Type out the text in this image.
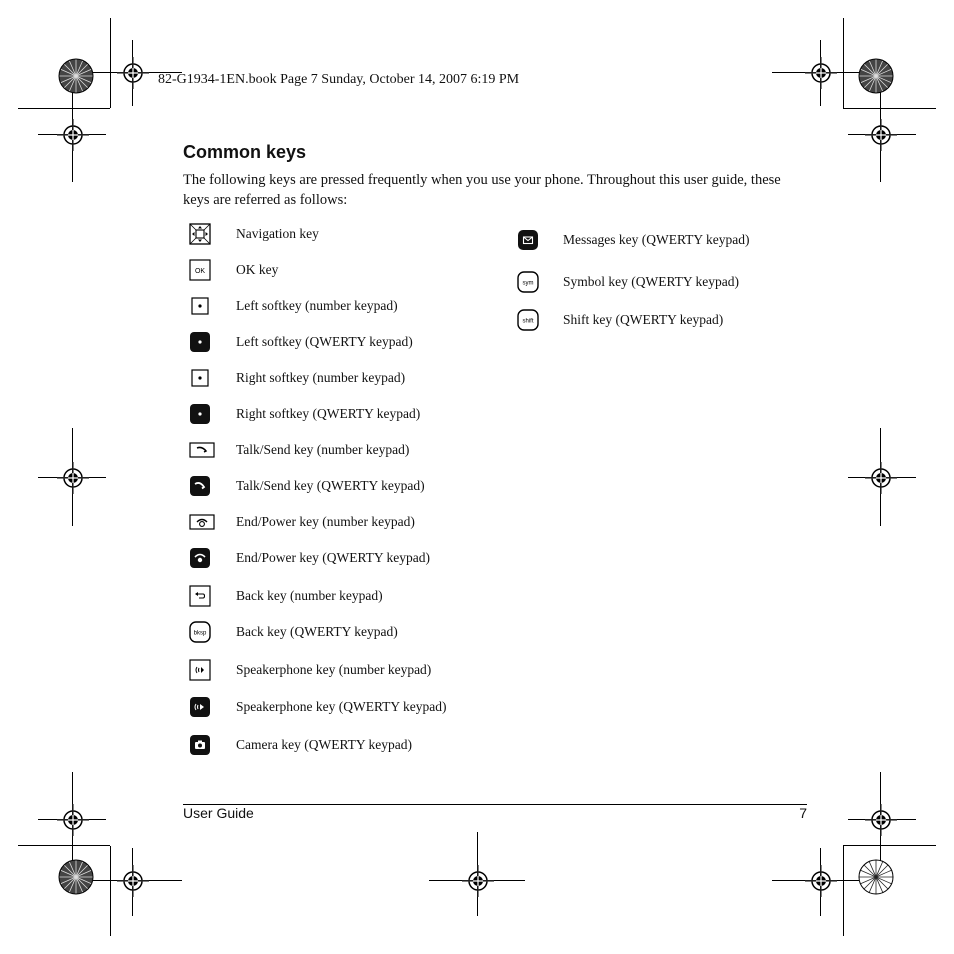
82-G1934-1EN.book Page 7 Sunday, October 14, 2007 6:19 PM
Common keys
The following keys are pressed frequently when you use your phone. Throughout this user guide, these keys are referred as follows:
Navigation key
OK OK key
Left softkey (number keypad)
Left softkey (QWERTY keypad)
Right softkey (number keypad)
Right softkey (QWERTY keypad)
Talk/Send key (number keypad)
Talk/Send key (QWERTY keypad)
End/Power key (number keypad)
End/Power key (QWERTY keypad)
Back key (number keypad)
bksp Back key (QWERTY keypad)
Speakerphone key (number keypad)
Speakerphone key (QWERTY keypad)
Camera key (QWERTY keypad)
Messages key (QWERTY keypad)
sym Symbol key (QWERTY keypad)
shift Shift key (QWERTY keypad)
User Guide	7
